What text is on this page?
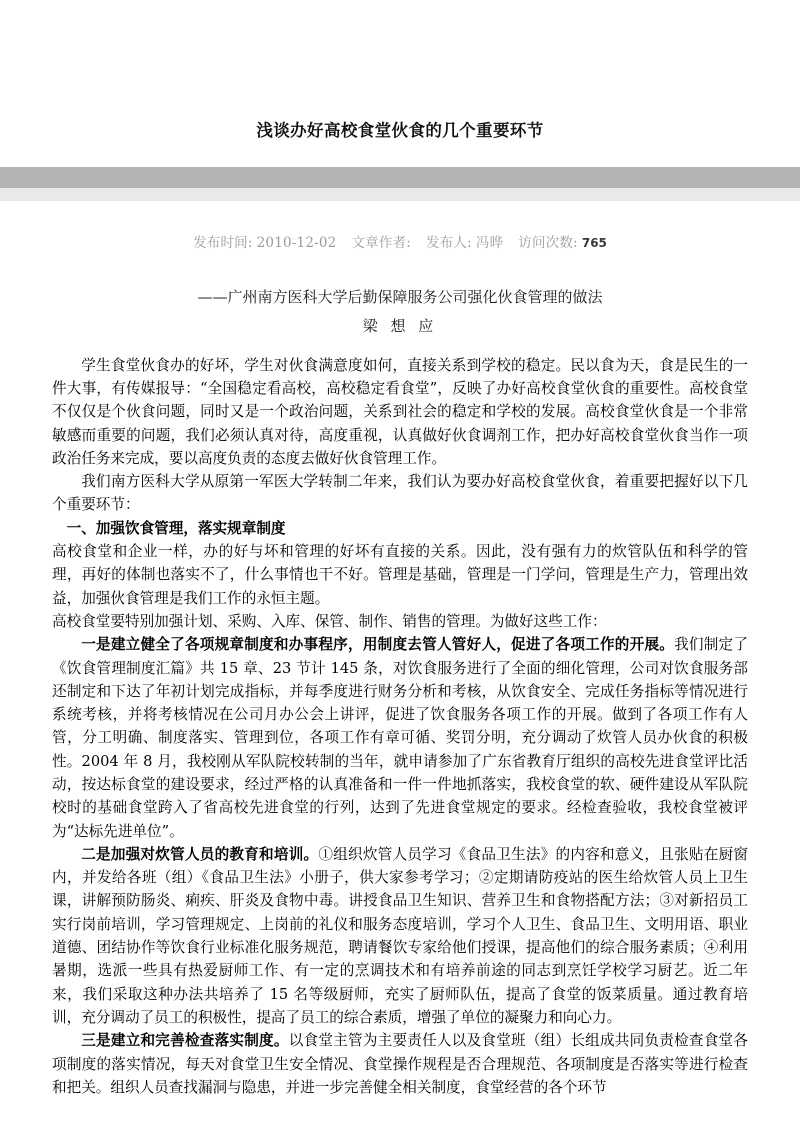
浅谈办好高校食堂伙食的几个重要环节
发布时间: 2010-12-02 文章作者: 发布人: 冯晔 访问次数: 765
——广州南方医科大学后勤保障服务公司强化伙食管理的做法
梁 想 应

学生食堂伙食办的好坏，学生对伙食满意度如何，直接关系到学校的稳定。民以食为天，食是民生的一件大事，有传媒报导：“全国稳定看高校，高校稳定看食堂”，反映了办好高校食堂伙食的重要性。高校食堂不仅仅是个伙食问题，同时又是一个政治问题，关系到社会的稳定和学校的发展。高校食堂伙食是一个非常敏感而重要的问题，我们必须认真对待，高度重视，认真做好伙食调剂工作，把办好高校食堂伙食当作一项政治任务来完成，要以高度负责的态度去做好伙食管理工作。

我们南方医科大学从原第一军医大学转制二年来，我们认为要办好高校食堂伙食，着重要把握好以下几个重要环节：

一、加强饮食管理，落实规章制度

高校食堂和企业一样，办的好与坏和管理的好坏有直接的关系。因此，没有强有力的炊管队伍和科学的管理，再好的体制也落实不了，什么事情也干不好。管理是基础，管理是一门学问，管理是生产力，管理出效益，加强伙食管理是我们工作的永恒主题。

高校食堂要特别加强计划、采购、入库、保管、制作、销售的管理。为做好这些工作：

一是建立健全了各项规章制度和办事程序，用制度去管人管好人，促进了各项工作的开展。我们制定了《饮食管理制度汇篇》共 15 章、23 节计 145 条，对饮食服务进行了全面的细化管理，公司对饮食服务部还制定和下达了年初计划完成指标，并每季度进行财务分析和考核，从饮食安全、完成任务指标等情况进行系统考核，并将考核情况在公司月办公会上讲评，促进了饮食服务各项工作的开展。做到了各项工作有人管，分工明确、制度落实、管理到位，各项工作有章可循、奖罚分明，充分调动了炊管人员办伙食的积极性。2004 年 8 月，我校刚从军队院校转制的当年，就申请参加了广东省教育厅组织的高校先进食堂评比活动，按达标食堂的建设要求，经过严格的认真准备和一件一件地抓落实，我校食堂的软、硬件建设从军队院校时的基础食堂跨入了省高校先进食堂的行列，达到了先进食堂规定的要求。经检查验收，我校食堂被评为“达标先进单位”。

二是加强对炊管人员的教育和培训。①组织炊管人员学习《食品卫生法》的内容和意义，且张贴在厨窗内，并发给各班（组）《食品卫生法》小册子，供大家参考学习；②定期请防疫站的医生给炊管人员上卫生课，讲解预防肠炎、痢疾、肝炎及食物中毒。讲授食品卫生知识、营养卫生和食物搭配方法；③对新招员工实行岗前培训，学习管理规定、上岗前的礼仪和服务态度培训，学习个人卫生、食品卫生、文明用语、职业道德、团结协作等饮食行业标准化服务规范，聘请餐饮专家给他们授课，提高他们的综合服务素质；④利用暑期，选派一些具有热爱厨师工作、有一定的烹调技术和有培养前途的同志到烹饪学校学习厨艺。近二年来，我们采取这种办法共培养了 15 名等级厨师，充实了厨师队伍，提高了食堂的饭菜质量。通过教育培训，充分调动了员工的积极性，提高了员工的综合素质，增强了单位的凝聚力和向心力。

三是建立和完善检查落实制度。以食堂主管为主要责任人以及食堂班（组）长组成共同负责检查食堂各项制度的落实情况，每天对食堂卫生安全情况、食堂操作规程是否合理规范、各项制度是否落实等进行检查和把关。组织人员查找漏洞与隐患，并进一步完善健全相关制度，食堂经营的各个环节
